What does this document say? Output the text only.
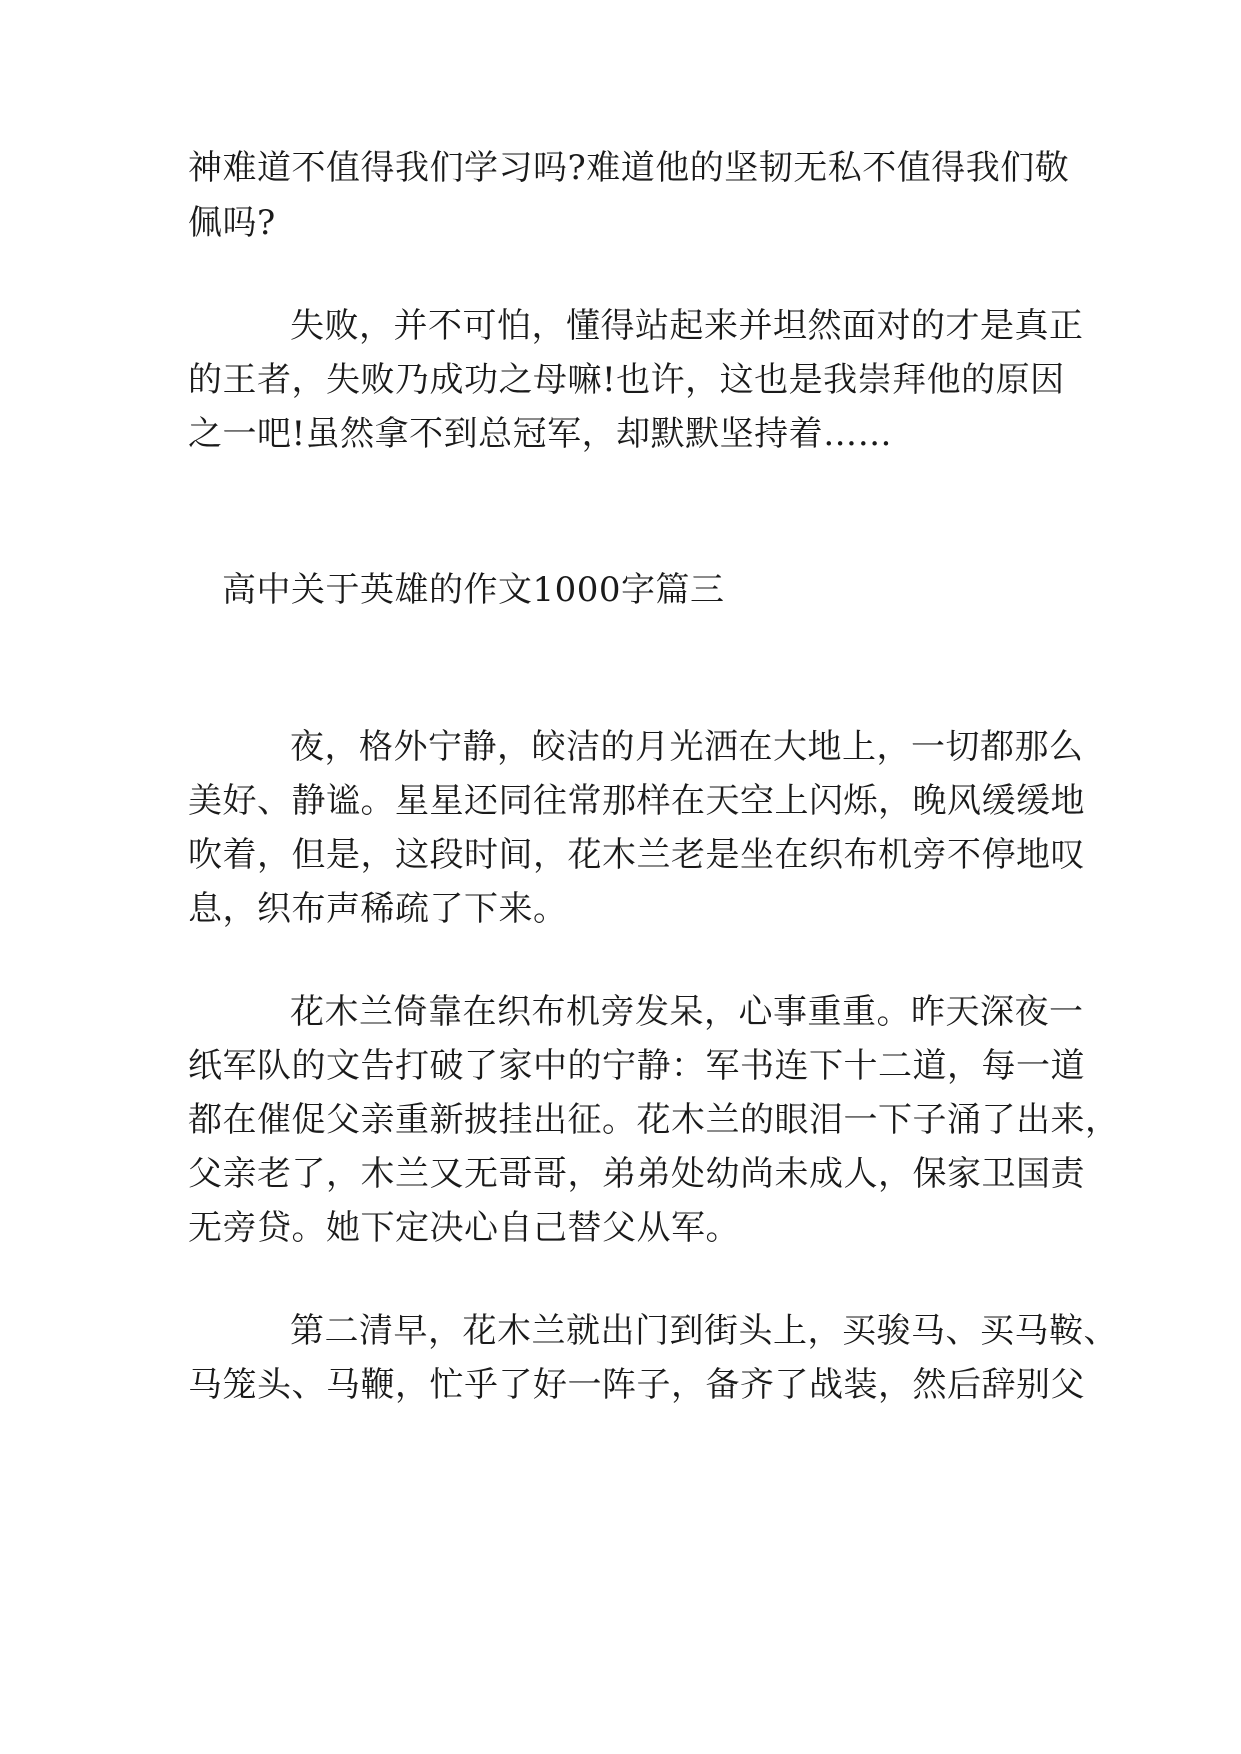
神难道不值得我们学习吗?难道他的坚韧无私不值得我们敬
佩吗?
失败，并不可怕，懂得站起来并坦然面对的才是真正
的王者，失败乃成功之母嘛!也许，这也是我崇拜他的原因
之一吧!虽然拿不到总冠军，却默默坚持着……
高中关于英雄的作文1000字篇三
夜，格外宁静，皎洁的月光洒在大地上，一切都那么
美好、静谧。星星还同往常那样在天空上闪烁，晚风缓缓地
吹着，但是，这段时间，花木兰老是坐在织布机旁不停地叹
息，织布声稀疏了下来。
花木兰倚靠在织布机旁发呆，心事重重。昨天深夜一
纸军队的文告打破了家中的宁静：军书连下十二道，每一道
都在催促父亲重新披挂出征。花木兰的眼泪一下子涌了出来，
父亲老了，木兰又无哥哥，弟弟处幼尚未成人，保家卫国责
无旁贷。她下定决心自己替父从军。
第二清早，花木兰就出门到街头上，买骏马、买马鞍、
马笼头、马鞭，忙乎了好一阵子，备齐了战装，然后辞别父
